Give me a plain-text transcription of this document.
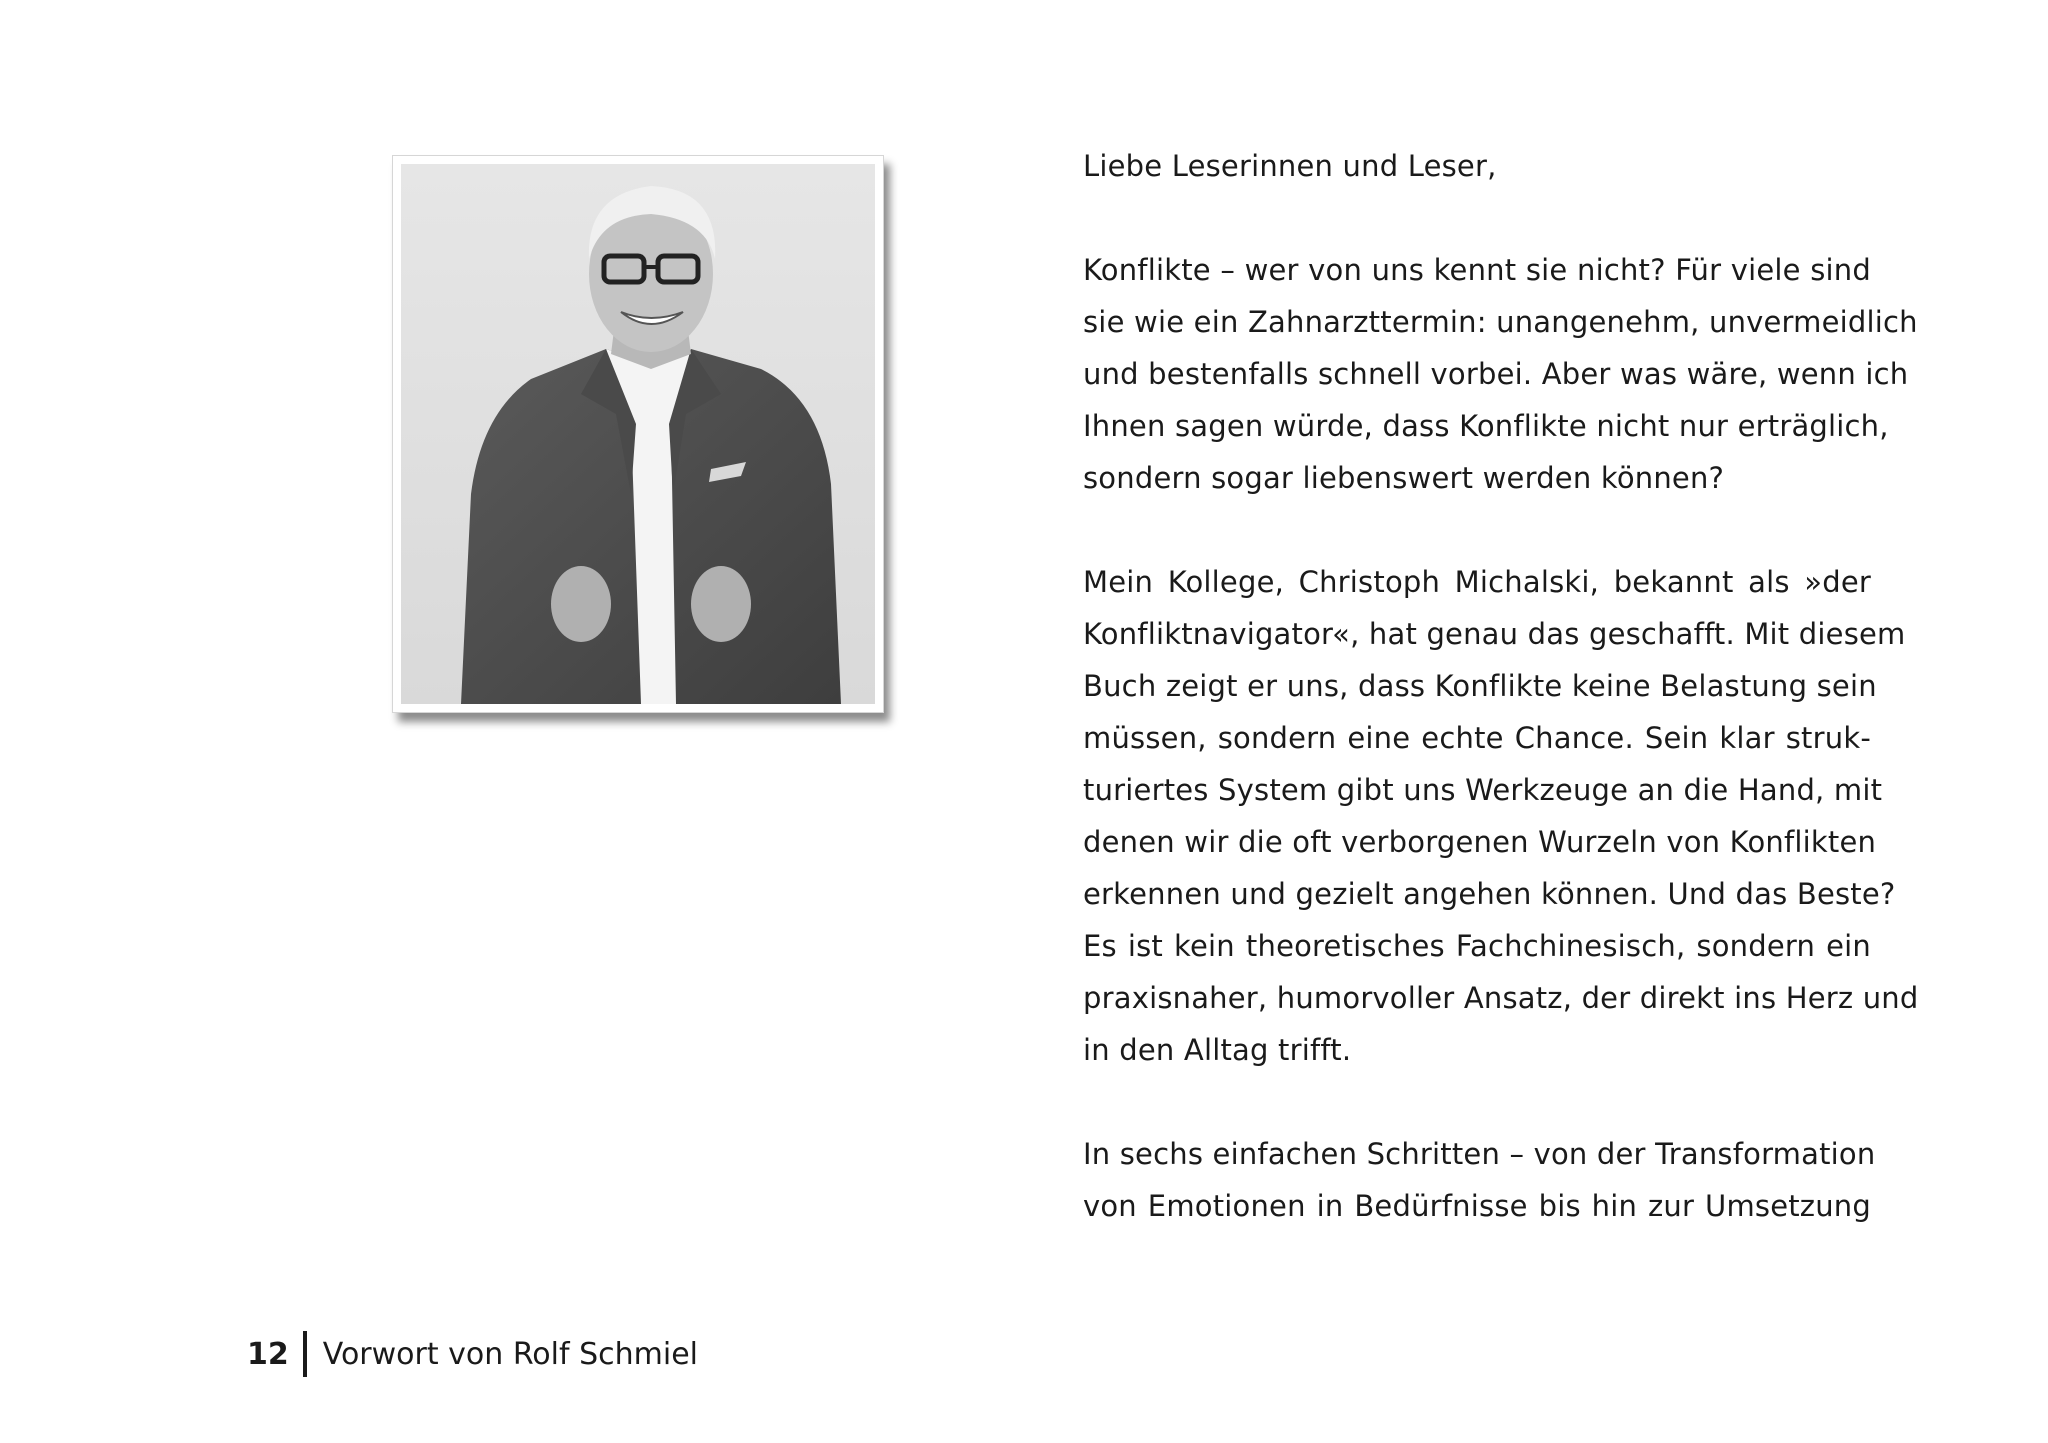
Liebe Leserinnen und Leser,

Konflikte – wer von uns kennt sie nicht? Für viele sind
sie wie ein Zahnarzttermin: unangenehm, unvermeidlich
und bestenfalls schnell vorbei. Aber was wäre, wenn ich
Ihnen sagen würde, dass Konflikte nicht nur erträglich,
sondern sogar liebenswert werden können?

Mein Kollege, Christoph Michalski, bekannt als »der
Konfliktnavigator«, hat genau das geschafft. Mit diesem
Buch zeigt er uns, dass Konflikte keine Belastung sein
müssen, sondern eine echte Chance. Sein klar struk-
turiertes System gibt uns Werkzeuge an die Hand, mit
denen wir die oft verborgenen Wurzeln von Konflikten
erkennen und gezielt angehen können. Und das Beste?
Es ist kein theoretisches Fachchinesisch, sondern ein
praxisnaher, humorvoller Ansatz, der direkt ins Herz und
in den Alltag trifft.

In sechs einfachen Schritten – von der Transformation
von Emotionen in Bedürfnisse bis hin zur Umsetzung

12 Vorwort von Rolf Schmiel
